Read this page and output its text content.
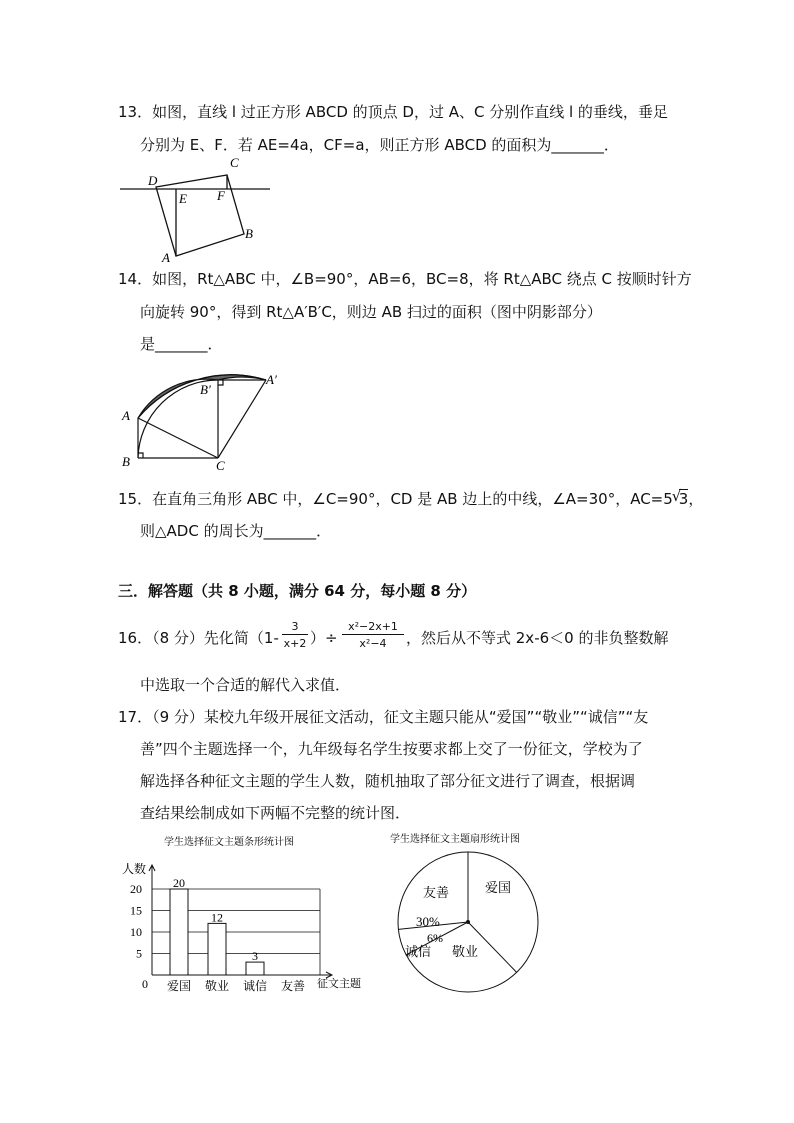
13．如图，直线 l 过正方形 ABCD 的顶点 D，过 A、C 分别作直线 l 的垂线，垂足
分别为 E、F．若 AE=4a，CF=a，则正方形 ABCD 的面积为_______．
C
D
E F
A
B
14．如图，Rt△ABC 中，∠B=90°，AB=6，BC=8，将 Rt△ABC 绕点 C 按顺时针方
向旋转 90°，得到 Rt△A′B′C，则边 AB 扫过的面积（图中阴影部分）
是_______．
A
B	C
B′
A′
15．在直角三角形 ABC 中，∠C=90°，CD 是 AB 边上的中线，∠A=30°，AC=5 √
3，
则△ADC 的周长为_______．
三．解答题（共 8 小题，满分 64 分，每小题 8 分）
16．（8 分）先化简（1-
3
x+2 ）÷
x²−2x+1
x²−4	，然后从不等式 2x-6＜0 的非负整数解
中选取一个合适的解代入求值．
17．（9 分）某校九年级开展征文活动，征文主题只能从“爱国”“敬业”“诚信”“友
善”四个主题选择一个，九年级每名学生按要求都上交了一份征文，学校为了
解选择各种征文主题的学生人数，随机抽取了部分征文进行了调查，根据调
查结果绘制成如下两幅不完整的统计图．
学生选择征文主题条形统计图
人数
征文主题
0
5
10
15
20	20
爱国
12
敬业
3
诚信 友善
学生选择征文主题扇形统计图
爱国
敬业
诚信
友善
30%
6%
